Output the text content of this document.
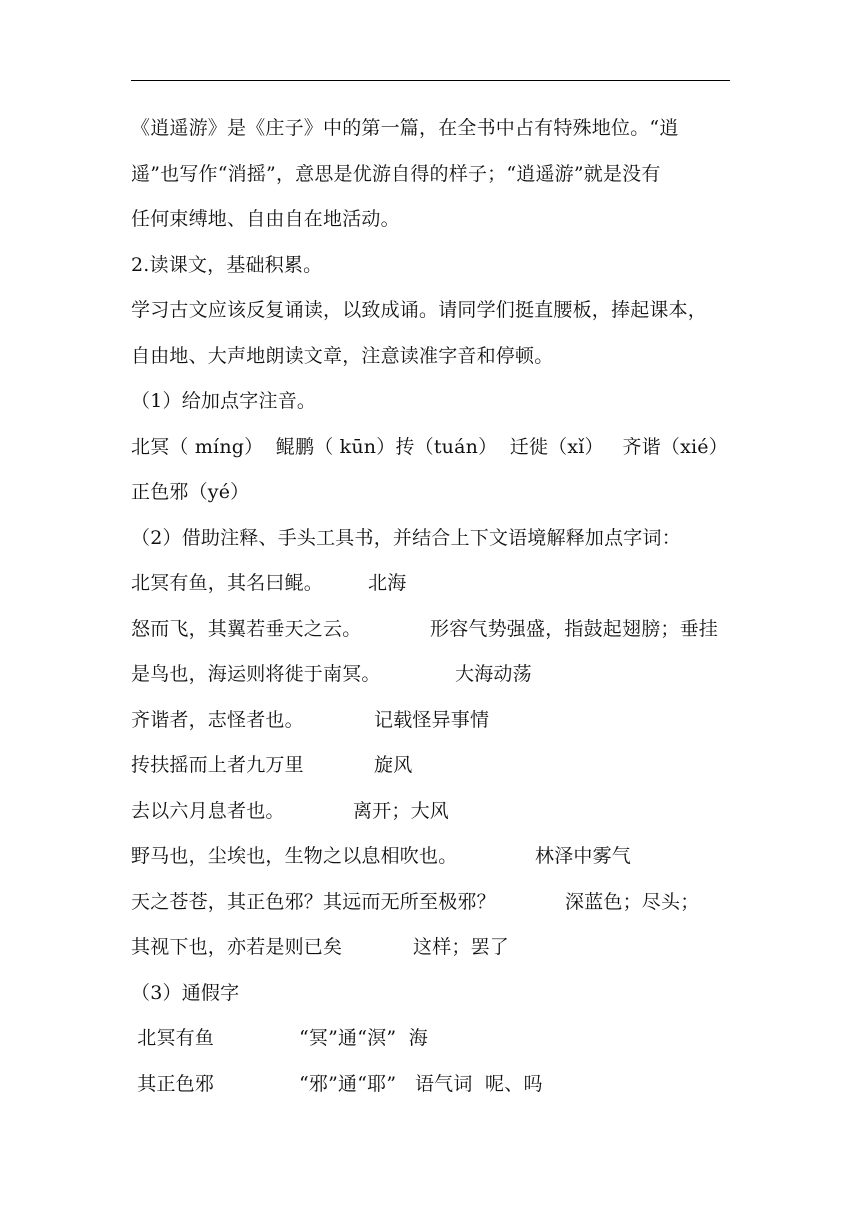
《逍遥游》是《庄子》中的第一篇，在全书中占有特殊地位。“逍
遥”也写作“消摇”，意思是优游自得的样子；“逍遥游”就是没有
任何束缚地、自由自在地活动。
2.读课文，基础积累。
学习古文应该反复诵读，以致成诵。请同学们挺直腰板，捧起课本，
自由地、大声地朗读文章，注意读准字音和停顿。
（1）给加点字注音。
北冥（ míng）  鲲鹏（ kūn）抟（tuán）  迁徙（xǐ）   齐谐（xié）
正色邪（yé）
（2）借助注释、手头工具书，并结合上下文语境解释加点字词：
北冥有鱼，其名曰鲲。 北海
怒而飞，其翼若垂天之云。	形容气势强盛，指鼓起翅膀；垂挂
是鸟也，海运则将徙于南冥。	大海动荡
齐谐者，志怪者也。	记载怪异事情
抟扶摇而上者九万里	旋风
去以六月息者也。	离开；大风
野马也，尘埃也，生物之以息相吹也。	林泽中雾气
天之苍苍，其正色邪？其远而无所至极邪？	深蓝色；尽头；
其视下也，亦若是则已矣	这样；罢了
（3）通假字
北冥有鱼	“冥”通“溟”  海
其正色邪	“邪”通“耶”   语气词  呢、吗
